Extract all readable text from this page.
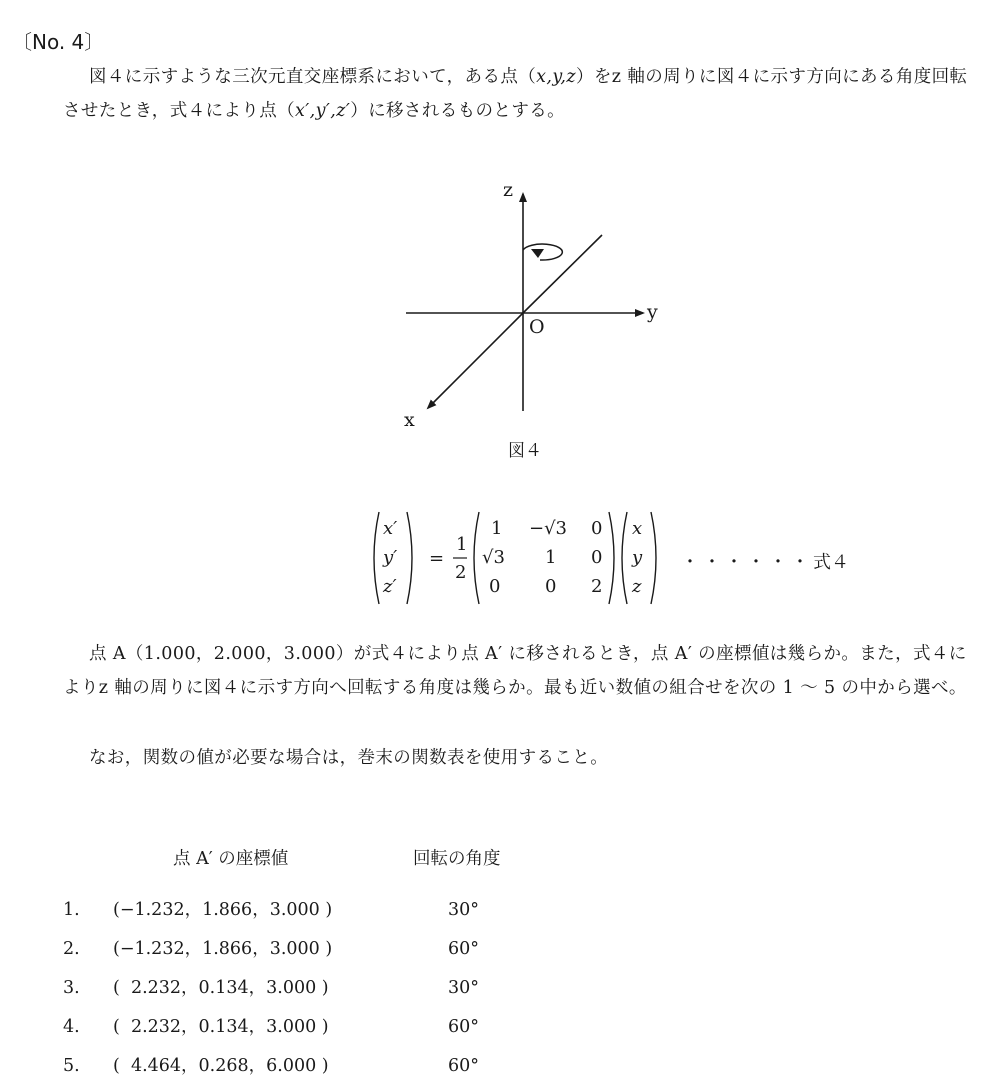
〔No. 4〕
図４に示すような三次元直交座標系において，ある点（x,y,z）をz 軸の周りに図４に示す方向にある角度回転させたとき，式４により点（x′,y′,z′）に移されるものとする。
z
y
x
O
図４
x′
y′
z′
=
1
2
1 −√3 0
√3 1 0
0 0 2
x
y
z
・・・・・・ 式４
点 A（1.000，2.000，3.000）が式４により点 A′ に移されるとき，点 A′ の座標値は幾らか。また，式４によりz 軸の周りに図４に示す方向へ回転する角度は幾らか。最も近い数値の組合せを次の 1 ～ 5 の中から選べ。
なお，関数の値が必要な場合は，巻末の関数表を使用すること。
点 A′ の座標値	回転の角度
1. (−1.232，1.866，3.000 )	30°
2. (−1.232，1.866，3.000 )	60°
3. (  2.232，0.134，3.000 )	30°
4. (  2.232，0.134，3.000 )	60°
5. (  4.464，0.268，6.000 )	60°
